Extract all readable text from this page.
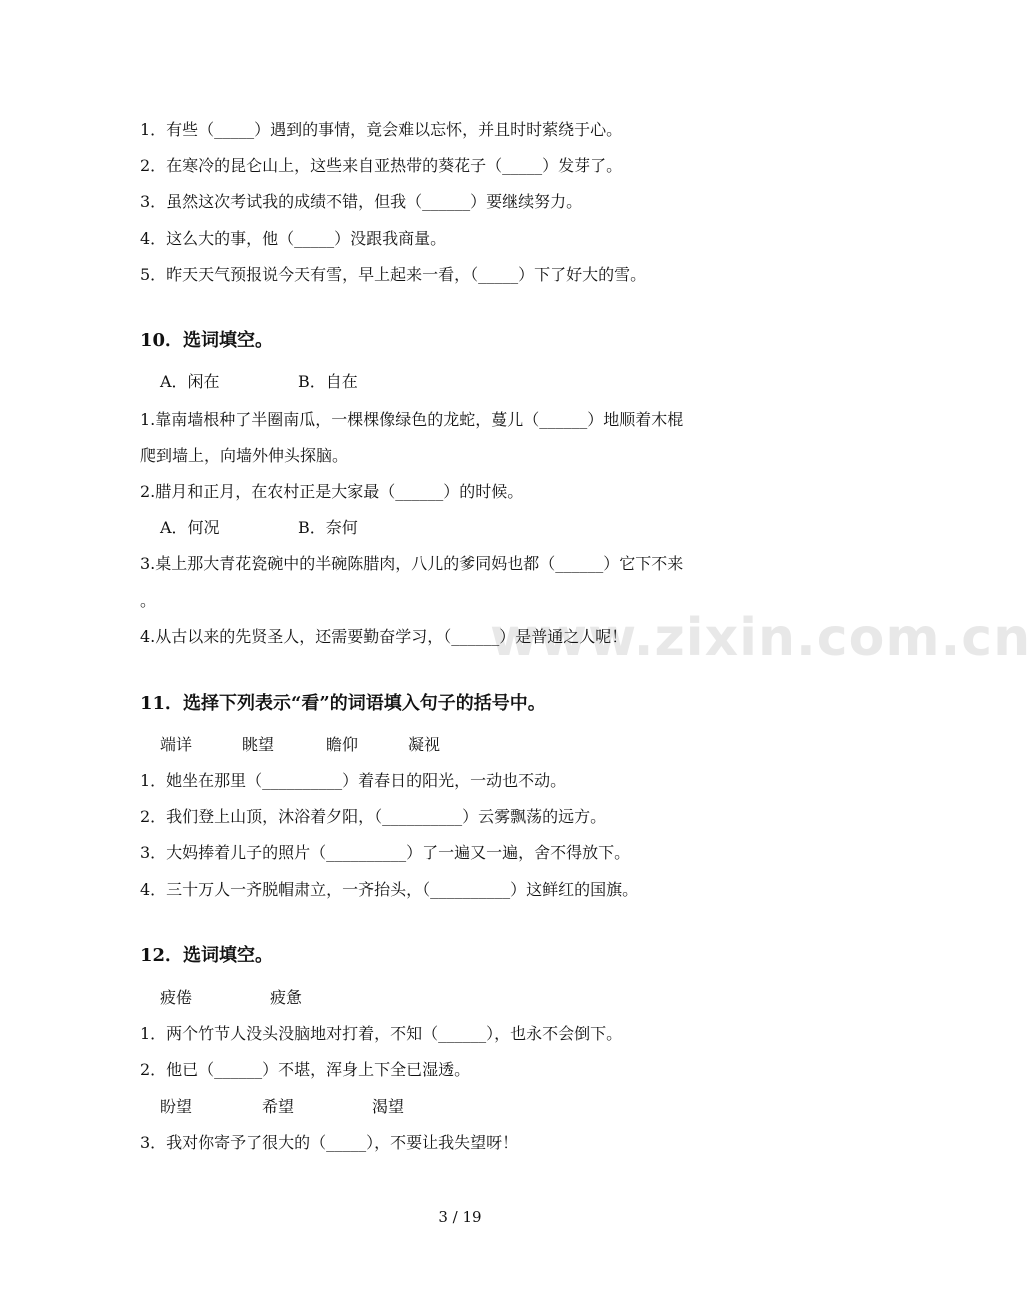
www.zixin.com.cn
1．有些（_____）遇到的事情，竟会难以忘怀，并且时时萦绕于心。
2．在寒冷的昆仑山上，这些来自亚热带的葵花子（_____）发芽了。
3．虽然这次考试我的成绩不错，但我（______）要继续努力。
4．这么大的事，他（_____）没跟我商量。
5．昨天天气预报说今天有雪，早上起来一看，（_____）下了好大的雪。
10．选词填空。
A．闲在	B．自在
1.靠南墙根种了半圈南瓜，一棵棵像绿色的龙蛇，蔓儿（______）地顺着木棍
爬到墙上，向墙外伸头探脑。
2.腊月和正月，在农村正是大家最（______）的时候。
A．何况	B．奈何
3.桌上那大青花瓷碗中的半碗陈腊肉，八儿的爹同妈也都（______）它下不来
。
4.从古以来的先贤圣人，还需要勤奋学习，（______）是普通之人呢！
11．选择下列表示“看”的词语填入句子的括号中。
端详	眺望	瞻仰	凝视
1．她坐在那里（__________）着春日的阳光，一动也不动。
2．我们登上山顶，沐浴着夕阳，（__________）云雾飘荡的远方。
3．大妈捧着儿子的照片（__________）了一遍又一遍，舍不得放下。
4．三十万人一齐脱帽肃立，一齐抬头，（__________）这鲜红的国旗。
12．选词填空。
疲倦	疲惫
1．两个竹节人没头没脑地对打着，不知（______），也永不会倒下。
2．他已（______）不堪，浑身上下全已湿透。
盼望	希望	渴望
3．我对你寄予了很大的（_____），不要让我失望呀！
3 / 19
